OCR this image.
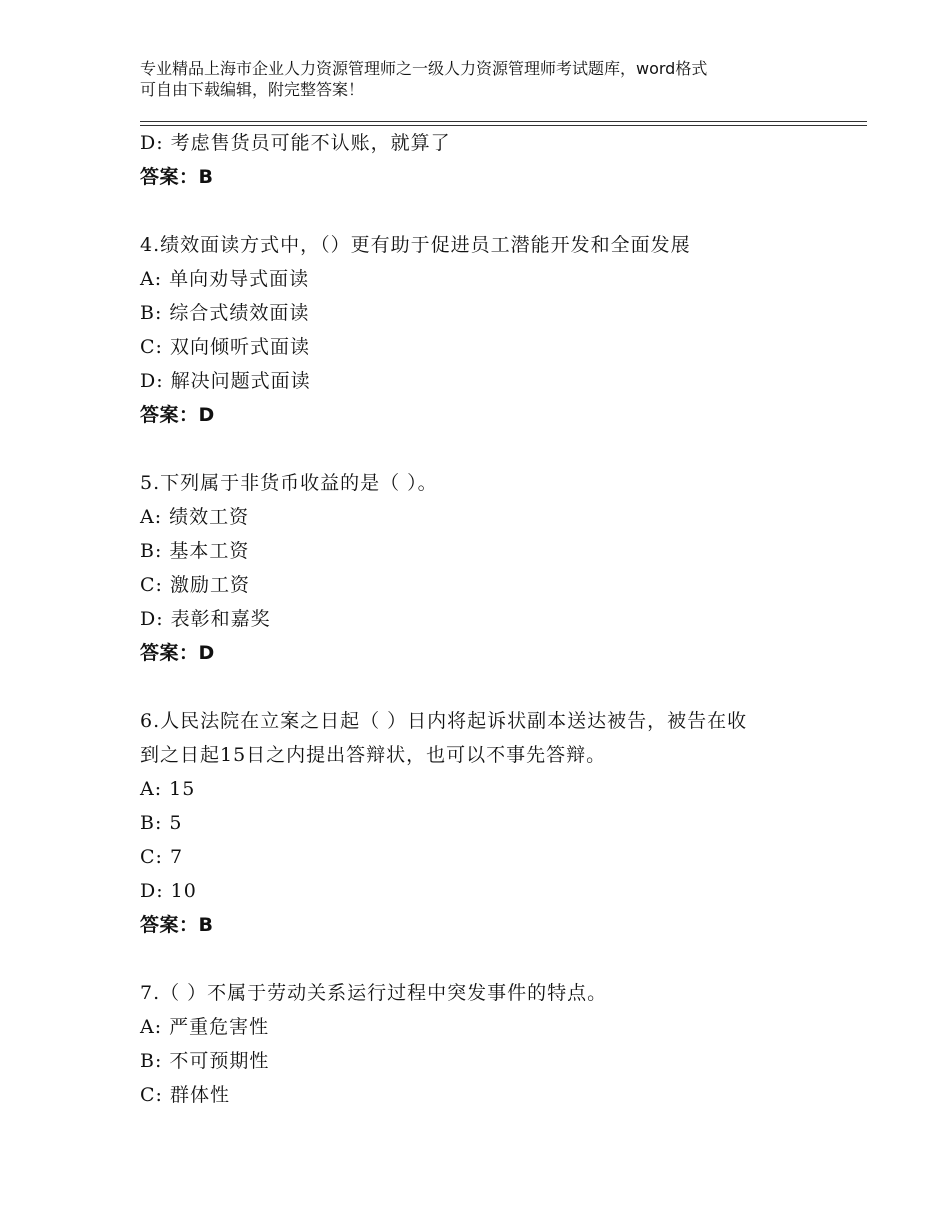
专业精品上海市企业人力资源管理师之一级人力资源管理师考试题库，word格式
可自由下载编辑，附完整答案！
D: 考虑售货员可能不认账，就算了
答案：B
4.绩效面读方式中，（）更有助于促进员工潜能开发和全面发展
A: 单向劝导式面读
B: 综合式绩效面读
C: 双向倾听式面读
D: 解决问题式面读
答案：D
5.下列属于非货币收益的是（ ）。
A: 绩效工资
B: 基本工资
C: 激励工资
D: 表彰和嘉奖
答案：D
6.人民法院在立案之日起（ ）日内将起诉状副本送达被告，被告在收
到之日起15日之内提出答辩状，也可以不事先答辩。
A: 15
B: 5
C: 7
D: 10
答案：B
7.（ ）不属于劳动关系运行过程中突发事件的特点。
A: 严重危害性
B: 不可预期性
C: 群体性
